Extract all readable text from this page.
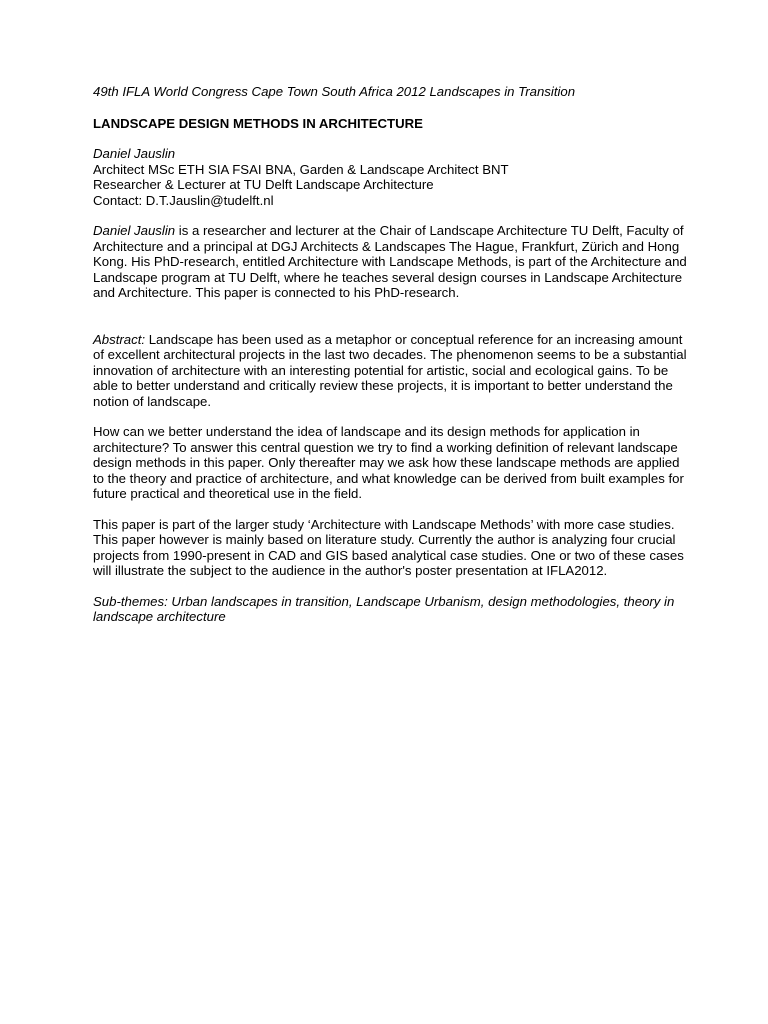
49th IFLA World Congress Cape Town South Africa 2012 Landscapes in Transition

LANDSCAPE DESIGN METHODS IN ARCHITECTURE

Daniel Jauslin
Architect MSc ETH SIA FSAI BNA, Garden & Landscape Architect BNT
Researcher & Lecturer at TU Delft Landscape Architecture
Contact: D.T.Jauslin@tudelft.nl

Daniel Jauslin is a researcher and lecturer at the Chair of Landscape Architecture TU Delft, Faculty of Architecture and a principal at DGJ Architects & Landscapes The Hague, Frankfurt, Zürich and Hong Kong. His PhD-research, entitled Architecture with Landscape Methods, is part of the Architecture and Landscape program at TU Delft, where he teaches several design courses in Landscape Architecture and Architecture. This paper is connected to his PhD-research.

Abstract: Landscape has been used as a metaphor or conceptual reference for an increasing amount of excellent architectural projects in the last two decades. The phenomenon seems to be a substantial innovation of architecture with an interesting potential for artistic, social and ecological gains. To be able to better understand and critically review these projects, it is important to better understand the notion of landscape.

How can we better understand the idea of landscape and its design methods for application in architecture? To answer this central question we try to find a working definition of relevant landscape design methods in this paper. Only thereafter may we ask how these landscape methods are applied to the theory and practice of architecture, and what knowledge can be derived from built examples for future practical and theoretical use in the field.

This paper is part of the larger study ‘Architecture with Landscape Methods’ with more case studies. This paper however is mainly based on literature study. Currently the author is analyzing four crucial projects from 1990-present in CAD and GIS based analytical case studies. One or two of these cases will illustrate the subject to the audience in the author's poster presentation at IFLA2012.

Sub-themes: Urban landscapes in transition, Landscape Urbanism, design methodologies, theory in landscape architecture
